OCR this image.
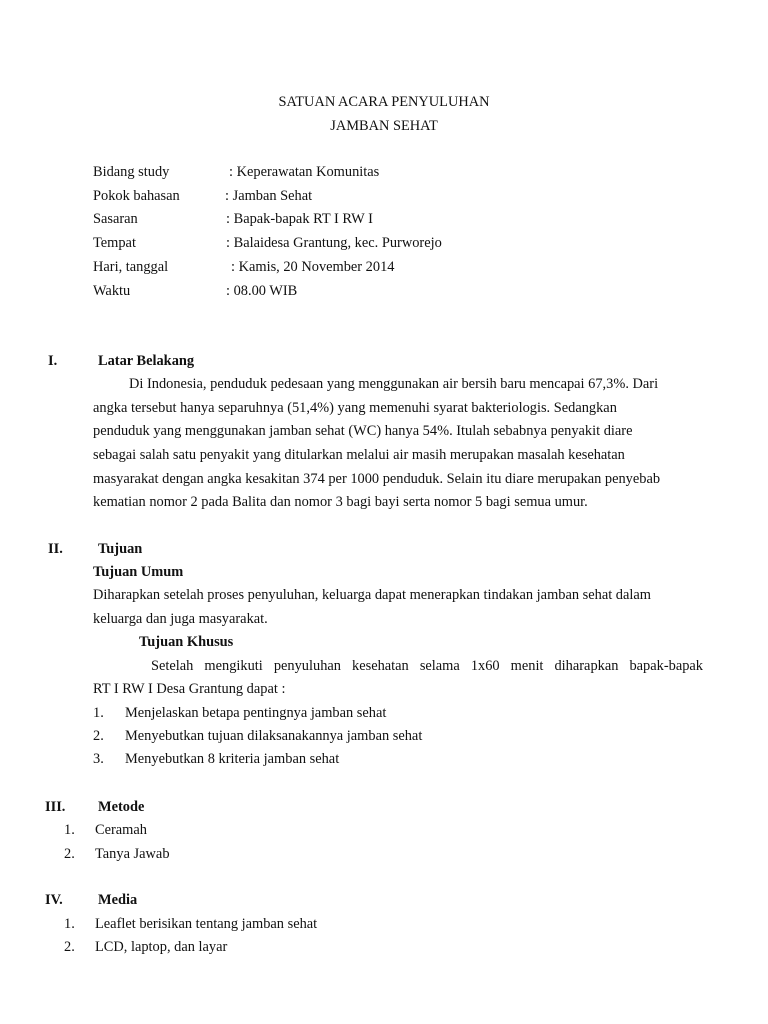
SATUAN ACARA PENYULUHAN
JAMBAN SEHAT
Bidang study	: Keperawatan Komunitas
Pokok bahasan	: Jamban Sehat
Sasaran	: Bapak-bapak RT I RW I
Tempat	: Balaidesa Grantung, kec. Purworejo
Hari, tanggal	: Kamis, 20 November 2014
Waktu	: 08.00 WIB
I.	Latar Belakang
Di Indonesia, penduduk pedesaan yang menggunakan air bersih baru mencapai 67,3%. Dari
angka tersebut hanya separuhnya (51,4%) yang memenuhi syarat bakteriologis. Sedangkan
penduduk yang menggunakan jamban sehat (WC) hanya 54%. Itulah sebabnya penyakit diare
sebagai salah satu penyakit yang ditularkan melalui air masih merupakan masalah kesehatan
masyarakat dengan angka kesakitan 374 per 1000 penduduk. Selain itu diare merupakan penyebab
kematian nomor 2 pada Balita dan nomor 3 bagi bayi serta nomor 5 bagi semua umur.
II. Tujuan
Tujuan Umum
Diharapkan setelah proses penyuluhan, keluarga dapat menerapkan tindakan jamban sehat dalam
keluarga dan juga masyarakat.
Tujuan Khusus
Setelah mengikuti penyuluhan kesehatan selama 1x60 menit diharapkan bapak-bapak
RT I RW I Desa Grantung dapat :
1. Menjelaskan betapa pentingnya jamban sehat
2. Menyebutkan tujuan dilaksanakannya jamban sehat
3. Menyebutkan 8 kriteria jamban sehat
III. Metode
1. Ceramah
2. Tanya Jawab
IV. Media
1. Leaflet berisikan tentang jamban sehat
2. LCD, laptop, dan layar
